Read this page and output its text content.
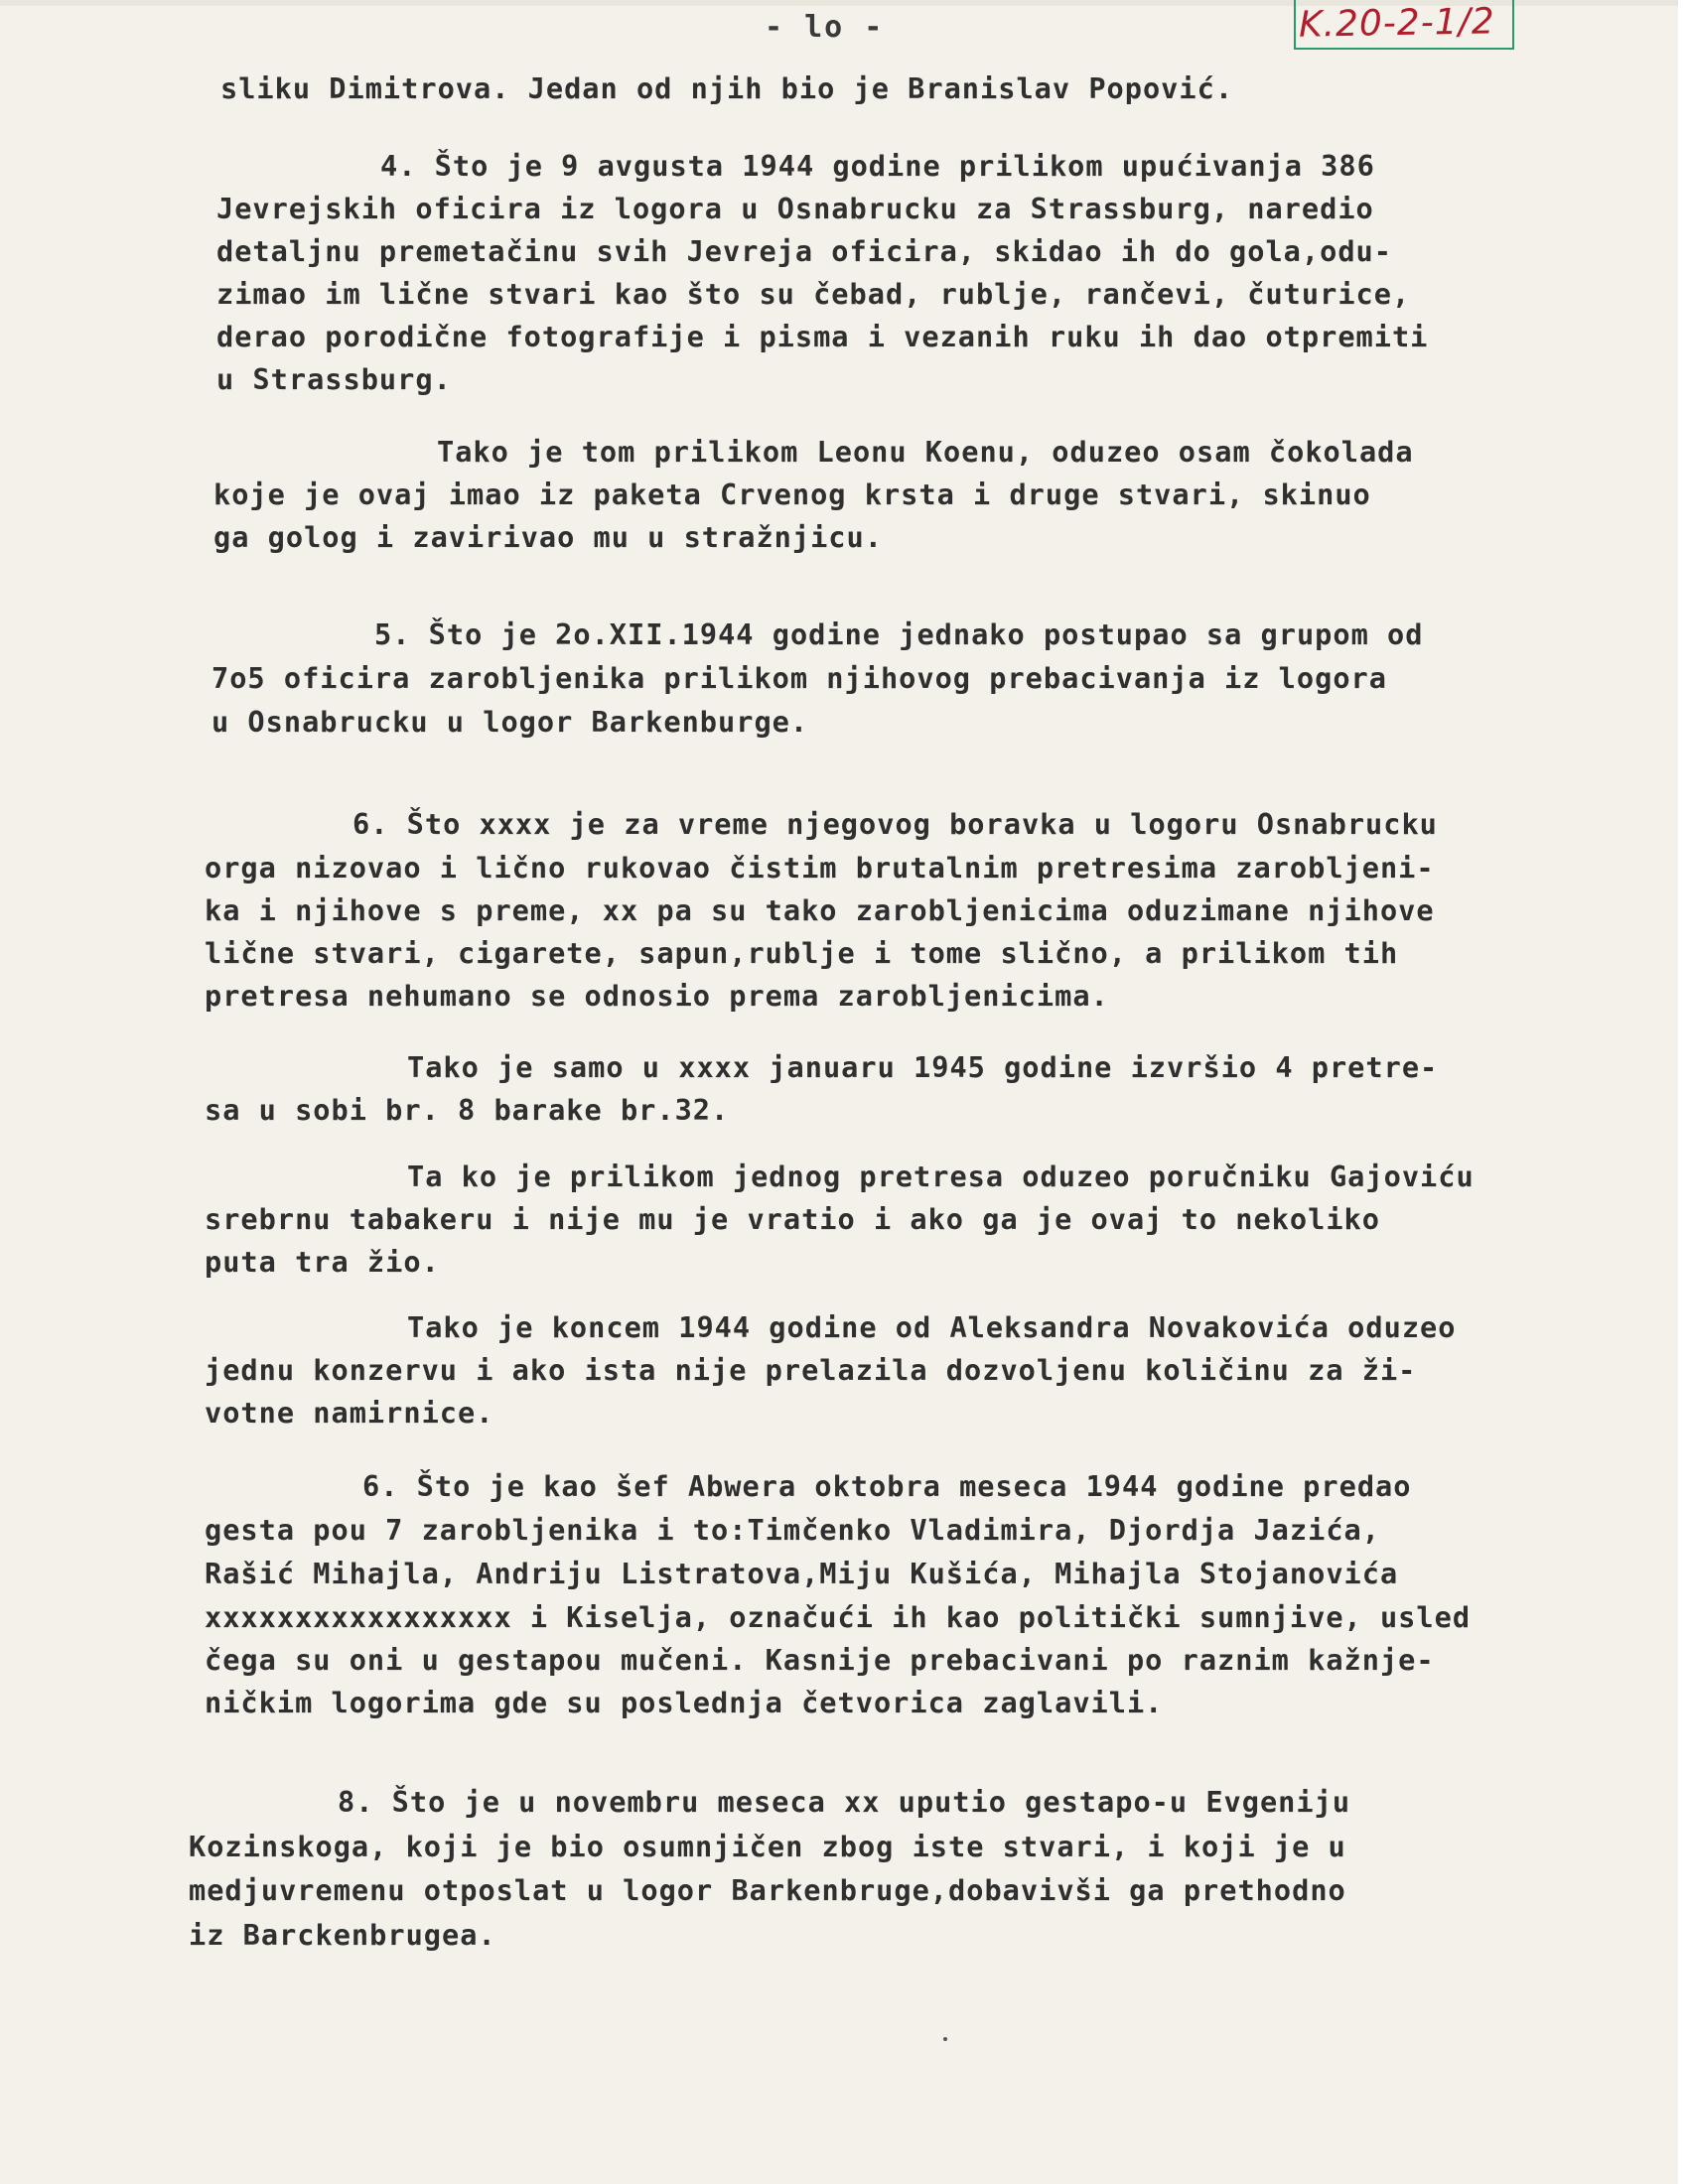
- lo -	K.20-2-1/2
sliku Dimitrova. Jedan od njih bio je Branislav Popović.
4. Što je 9 avgusta 1944 godine prilikom upućivanja 386
Jevrejskih oficira iz logora u Osnabrucku za Strassburg, naredio
detaljnu premetačinu svih Jevreja oficira, skidao ih do gola,odu-
zimao im lične stvari kao što su čebad, rublje, rančevi, čuturice,
derao porodične fotografije i pisma i vezanih ruku ih dao otpremiti
u Strassburg.
Tako je tom prilikom Leonu Koenu, oduzeo osam čokolada
koje je ovaj imao iz paketa Crvenog krsta i druge stvari, skinuo
ga golog i zavirivao mu u stražnjicu.
5. Što je 2o.XII.1944 godine jednako postupao sa grupom od
7o5 oficira zarobljenika prilikom njihovog prebacivanja iz logora
u Osnabrucku u logor Barkenburge.
6. Što xxxx je za vreme njegovog boravka u logoru Osnabrucku
orga nizovao i lično rukovao čistim brutalnim pretresima zarobljeni-
ka i njihove s preme, xx pa su tako zarobljenicima oduzimane njihove
lične stvari, cigarete, sapun,rublje i tome slično, a prilikom tih
pretresa nehumano se odnosio prema zarobljenicima.
Tako je samo u xxxx januaru 1945 godine izvršio 4 pretre-
sa u sobi br. 8 barake br.32.
Ta ko je prilikom jednog pretresa oduzeo poručniku Gajoviću
srebrnu tabakeru i nije mu je vratio i ako ga je ovaj to nekoliko
puta tra žio.
Tako je koncem 1944 godine od Aleksandra Novakovića oduzeo
jednu konzervu i ako ista nije prelazila dozvoljenu količinu za ži-
votne namirnice.
6. Što je kao šef Abwera oktobra meseca 1944 godine predao
gesta pou 7 zarobljenika i to:Timčenko Vladimira, Djordja Jazića,
Rašić Mihajla, Andriju Listratova,Miju Kušića, Mihajla Stojanovića
xxxxxxxxxxxxxxxxx i Kiselja, označući ih kao politički sumnjive, usled
čega su oni u gestapou mučeni. Kasnije prebacivani po raznim kažnje-
ničkim logorima gde su poslednja četvorica zaglavili.
8. Što je u novembru meseca xx uputio gestapo-u Evgeniju
Kozinskoga, koji je bio osumnjičen zbog iste stvari, i koji je u
medjuvremenu otposlat u logor Barkenbruge,dobavivši ga prethodno
iz Barckenbrugea.
